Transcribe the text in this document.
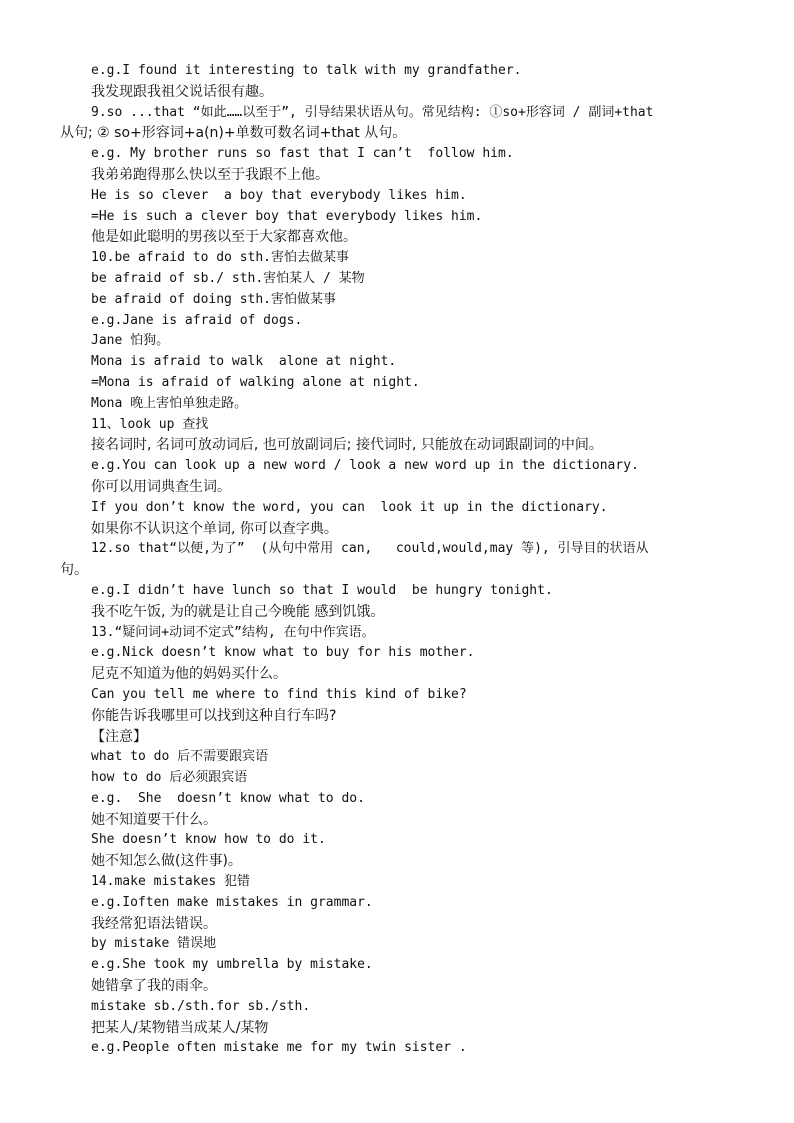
e.g.I found it interesting to talk with my grandfather.
我发现跟我祖父说话很有趣。
9.so ...that “如此……以至于”, 引导结果状语从句。常见结构: ①so+形容词 / 副词+that
从句; ② so+形容词+a(n)+单数可数名词+that 从句。
e.g. My brother runs so fast that I can’t  follow him.
我弟弟跑得那么快以至于我跟不上他。
He is so clever  a boy that everybody likes him.
=He is such a clever boy that everybody likes him.
他是如此聪明的男孩以至于大家都喜欢他。
10.be afraid to do sth.害怕去做某事
be afraid of sb./ sth.害怕某人 / 某物
be afraid of doing sth.害怕做某事
e.g.Jane is afraid of dogs.
Jane 怕狗。
Mona is afraid to walk  alone at night.
=Mona is afraid of walking alone at night.
Mona 晚上害怕单独走路。
11、look up 查找
接名词时, 名词可放动词后, 也可放副词后; 接代词时, 只能放在动词跟副词的中间。
e.g.You can look up a new word / look a new word up in the dictionary.
你可以用词典查生词。
If you don’t know the word, you can  look it up in the dictionary.
如果你不认识这个单词, 你可以查字典。
12.so that“以便,为了”  (从句中常用 can,   could,would,may 等), 引导目的状语从
句。
e.g.I didn’t have lunch so that I would  be hungry tonight.
我不吃午饭, 为的就是让自己今晚能 感到饥饿。
13.“疑问词+动词不定式”结构, 在句中作宾语。
e.g.Nick doesn’t know what to buy for his mother.
尼克不知道为他的妈妈买什么。
Can you tell me where to find this kind of bike?
你能告诉我哪里可以找到这种自行车吗?
【注意】
what to do 后不需要跟宾语
how to do 后必须跟宾语
e.g.  She  doesn’t know what to do.
她不知道要干什么。
She doesn’t know how to do it.
她不知怎么做(这件事)。
14.make mistakes 犯错
e.g.Ioften make mistakes in grammar.
我经常犯语法错误。
by mistake 错误地
e.g.She took my umbrella by mistake.
她错拿了我的雨伞。
mistake sb./sth.for sb./sth.
把某人/某物错当成某人/某物
e.g.People often mistake me for my twin sister .
